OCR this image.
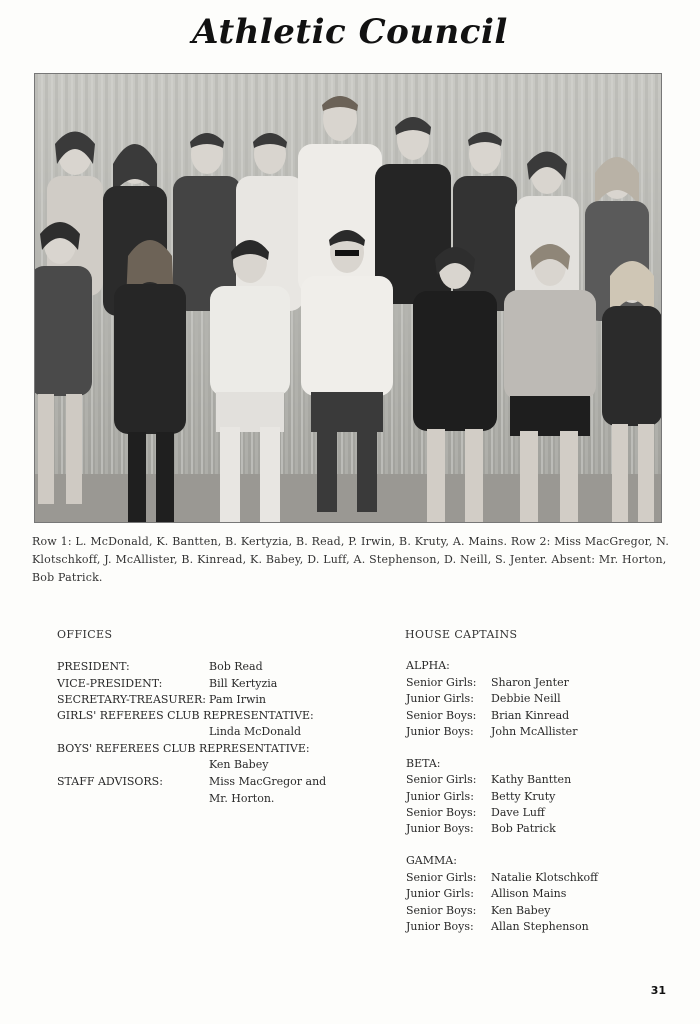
Athletic Council
Row 1: L. McDonald, K. Bantten, B. Kertyzia, B. Read, P. Irwin, B. Kruty, A. Mains. Row 2: Miss MacGregor, N. Klotschkoff, J. McAllister, B. Kinread, K. Babey, D. Luff, A. Stephenson, D. Neill, S. Jenter. Absent: Mr. Horton, Bob Patrick.
OFFICES
PRESIDENT:	Bob Read
VICE-PRESIDENT:	Bill Kertyzia
SECRETARY-TREASURER: Pam Irwin
GIRLS' REFEREES CLUB REPRESENTATIVE:
Linda McDonald
BOYS' REFEREES CLUB REPRESENTATIVE:
Ken Babey
STAFF ADVISORS:	Miss MacGregor and
Mr. Horton.
HOUSE CAPTAINS
ALPHA:
Senior Girls: Sharon Jenter
Junior Girls: Debbie Neill
Senior Boys: Brian Kinread
Junior Boys: John McAllister
BETA:
Senior Girls: Kathy Bantten
Junior Girls: Betty Kruty
Senior Boys: Dave Luff
Junior Boys: Bob Patrick
GAMMA:
Senior Girls: Natalie Klotschkoff
Junior Girls: Allison Mains
Senior Boys: Ken Babey
Junior Boys: Allan Stephenson
31
